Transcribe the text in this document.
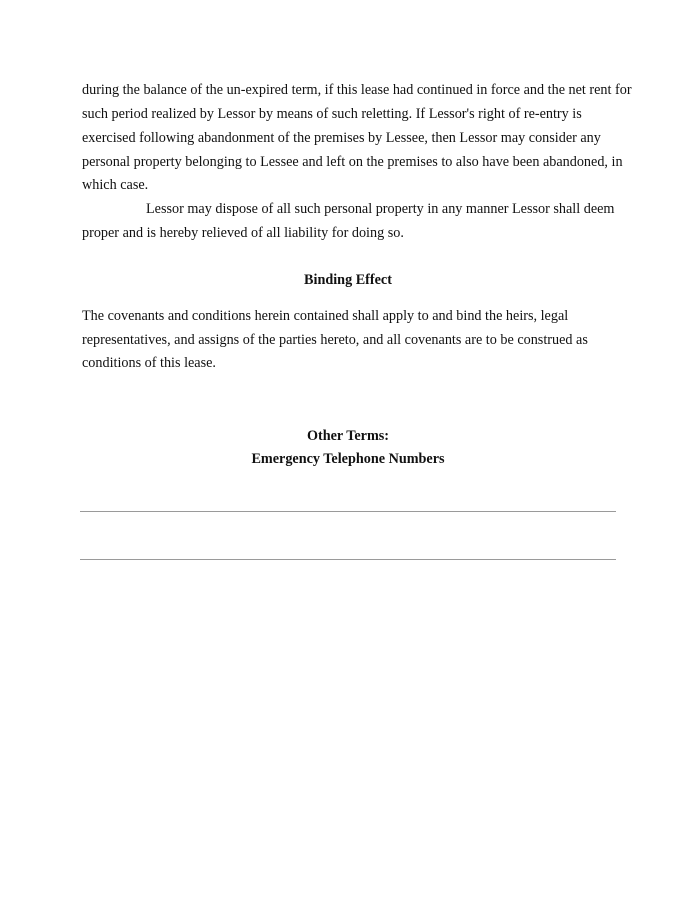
during the balance of the un-expired term, if this lease had continued in force and the net rent for
such period realized by Lessor by means of such reletting. If Lessor's right of re-entry is
exercised following abandonment of the premises by Lessee, then Lessor may consider any
personal property belonging to Lessee and left on the premises to also have been abandoned, in
which case.
Lessor may dispose of all such personal property in any manner Lessor shall deem
proper and is hereby relieved of all liability for doing so.
Binding Effect
The covenants and conditions herein contained shall apply to and bind the heirs, legal
representatives, and assigns of the parties hereto, and all covenants are to be construed as
conditions of this lease.
Other Terms:
Emergency Telephone Numbers
